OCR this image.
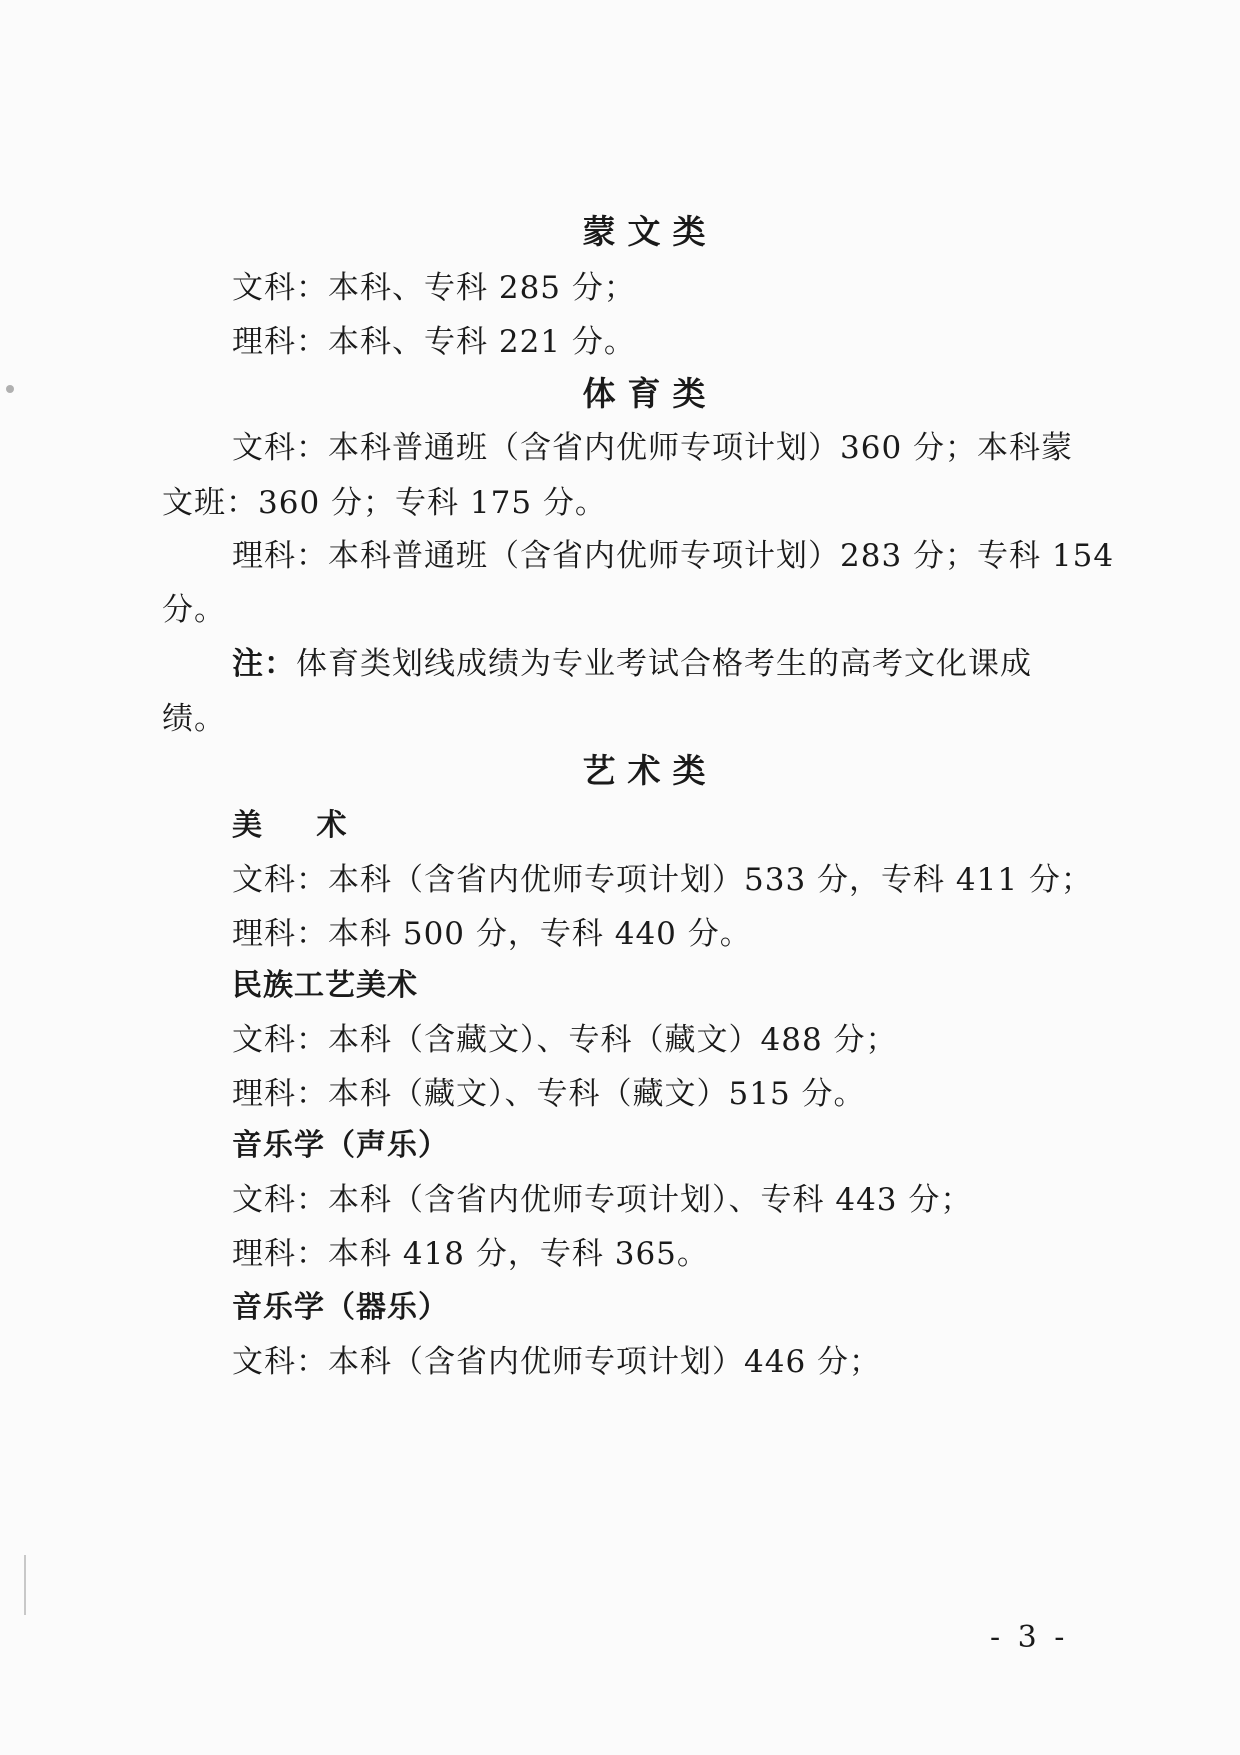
蒙文类
文科：本科、专科 285 分；
理科：本科、专科 221 分。
体育类
文科：本科普通班（含省内优师专项计划）360 分；本科蒙
文班：360 分；专科 175 分。
理科：本科普通班（含省内优师专项计划）283 分；专科 154
分。
注：体育类划线成绩为专业考试合格考生的高考文化课成
绩。
艺术类
美 术
文科：本科（含省内优师专项计划）533 分，专科 411 分；
理科：本科 500 分，专科 440 分。
民族工艺美术
文科：本科（含藏文）、专科（藏文）488 分；
理科：本科（藏文）、专科（藏文）515 分。
音乐学（声乐）
文科：本科（含省内优师专项计划）、专科 443 分；
理科：本科 418 分，专科 365。
音乐学（器乐）
文科：本科（含省内优师专项计划）446 分；
- 3 -
